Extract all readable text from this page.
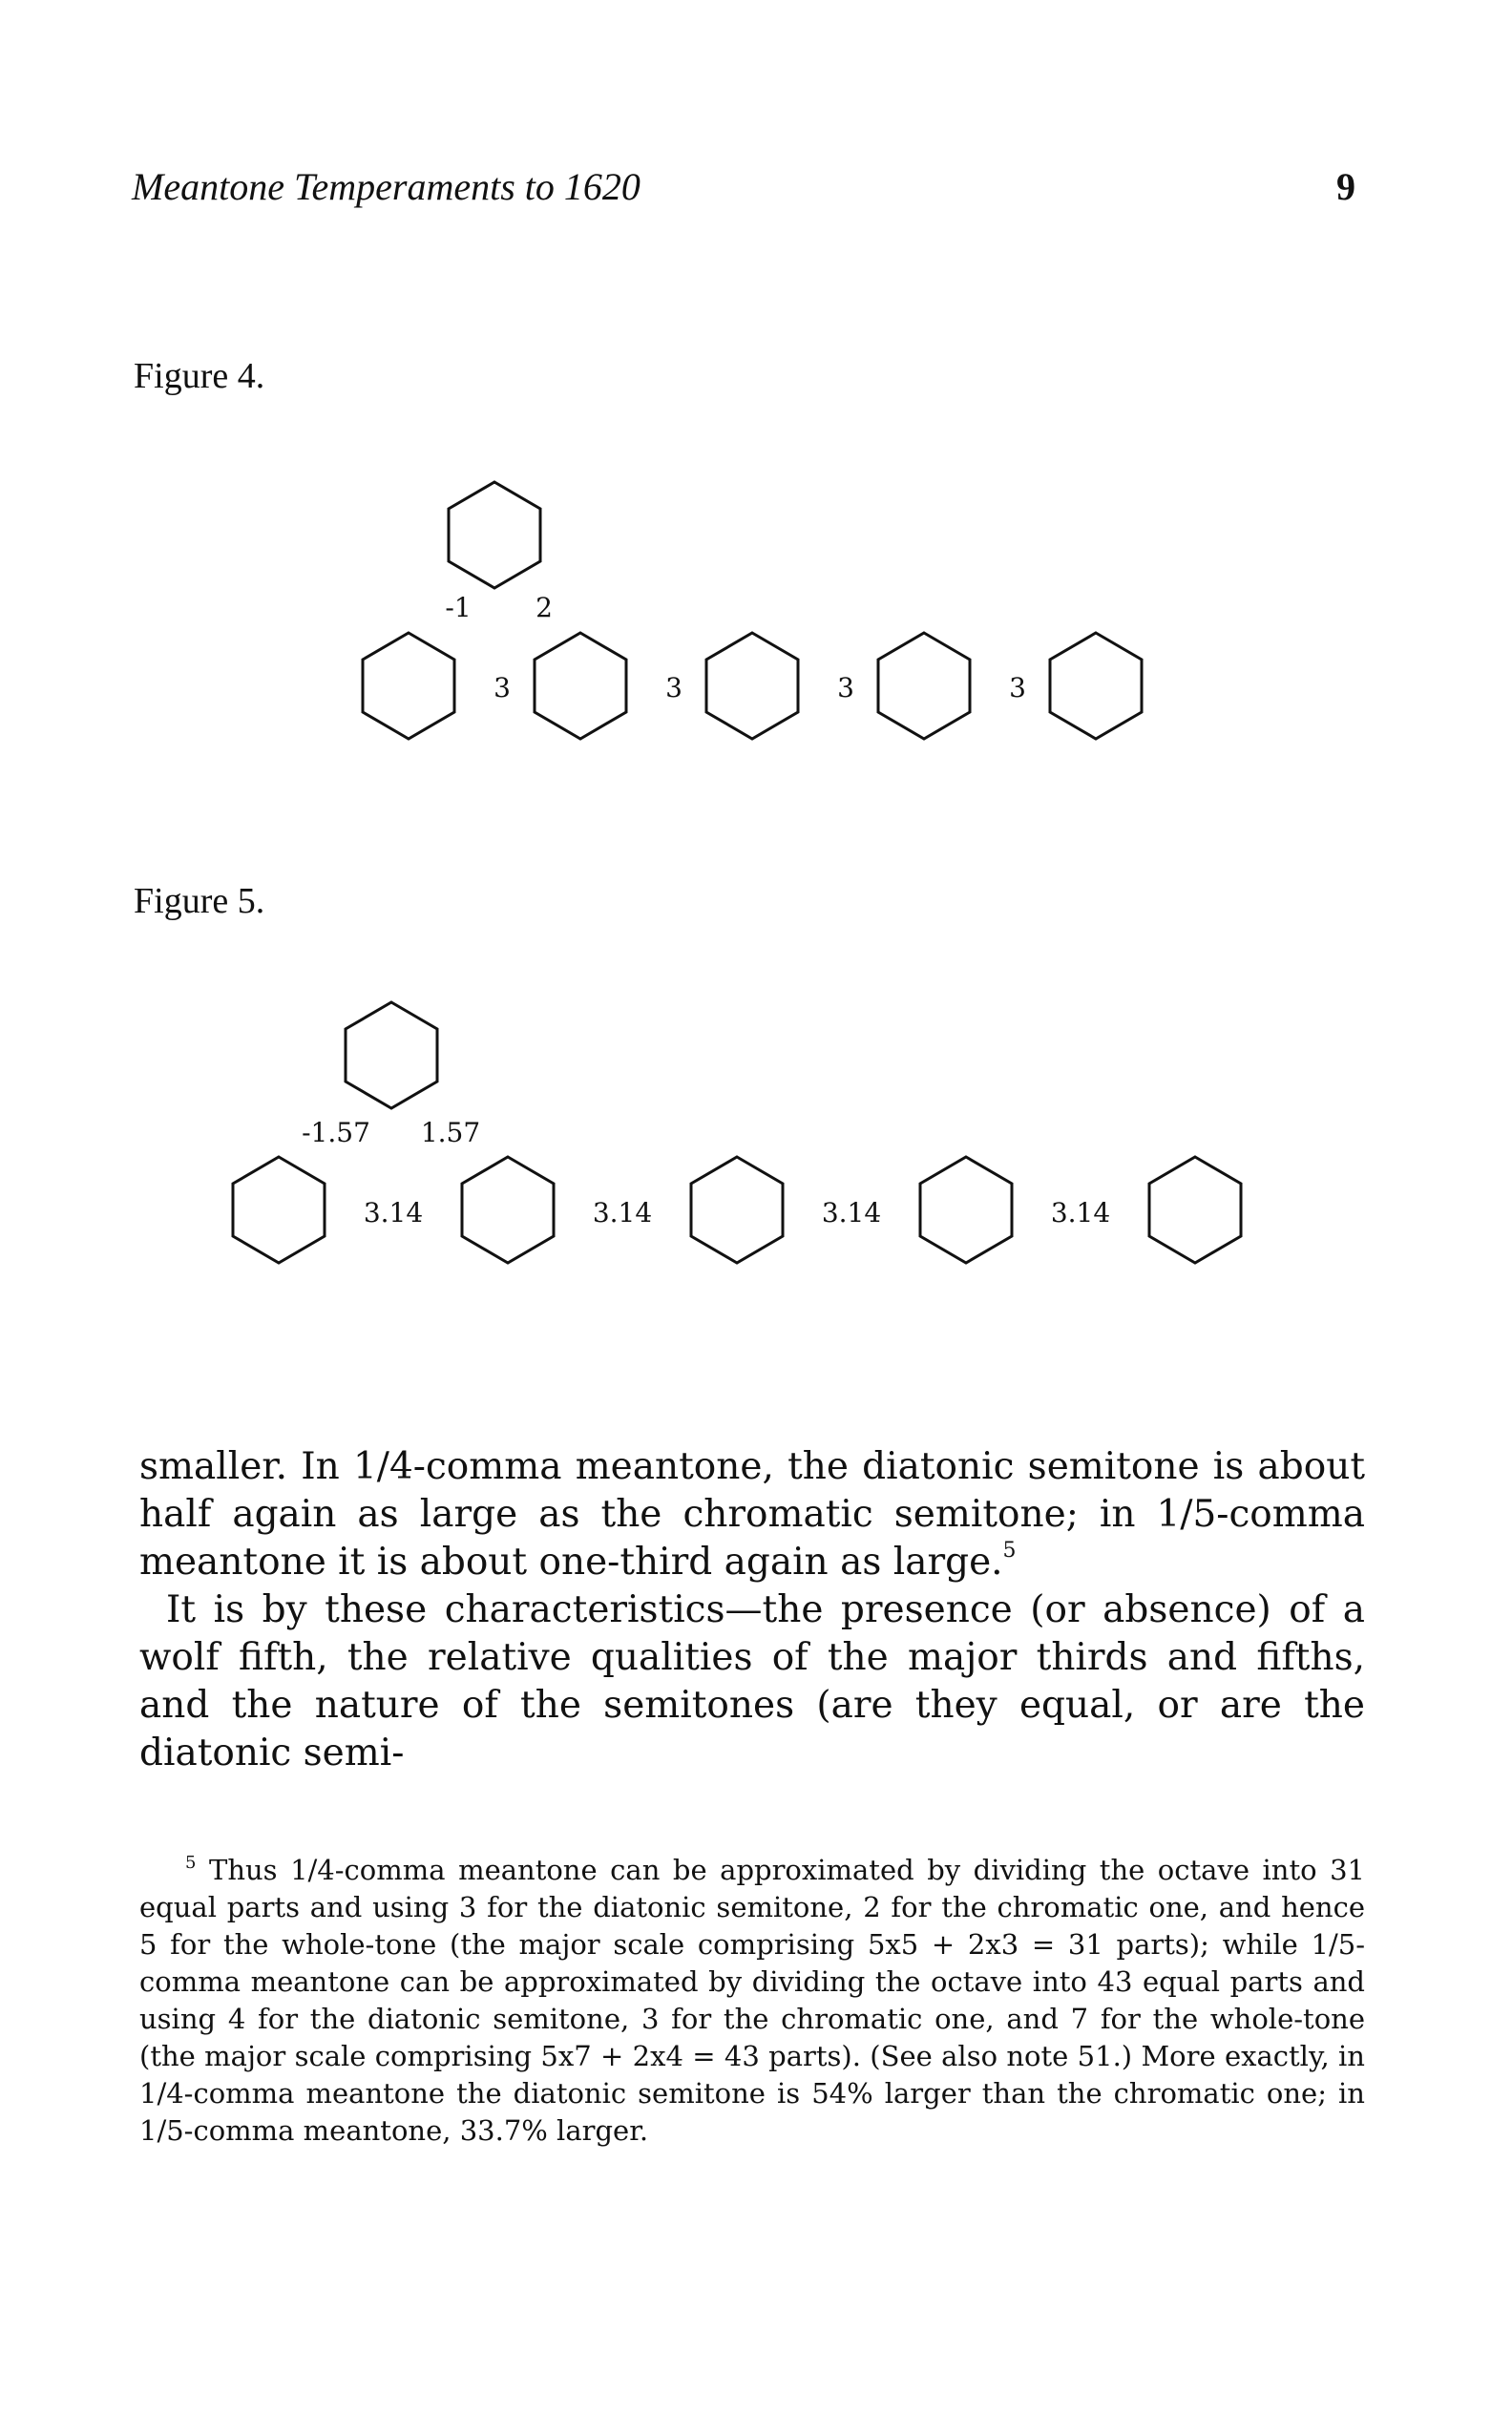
Meantone Temperaments to 1620	9
Figure 4.
-1 2
3	3	3	3
Figure 5.
-1.57 1.57
3.14	3.14	3.14	3.14

smaller. In 1/4-comma meantone, the diatonic semitone is about half again as large as the chromatic semitone; in 1/5-comma meantone it is about one-third again as large.$^5$

It is by these characteristics—the presence (or absence) of a wolf fifth, the relative qualities of the major thirds and fifths, and the nature of the semitones (are they equal, or are the diatonic semi-

$^5$ Thus 1/4-comma meantone can be approximated by dividing the octave into 31 equal parts and using 3 for the diatonic semitone, 2 for the chromatic one, and hence 5 for the whole-tone (the major scale comprising 5x5 + 2x3 = 31 parts); while 1/5-comma meantone can be approximated by dividing the octave into 43 equal parts and using 4 for the diatonic semitone, 3 for the chromatic one, and 7 for the whole-tone (the major scale comprising 5x7 + 2x4 = 43 parts). (See also note 51.) More exactly, in 1/4-comma meantone the diatonic semitone is 54% larger than the chromatic one; in 1/5-comma meantone, 33.7% larger.
